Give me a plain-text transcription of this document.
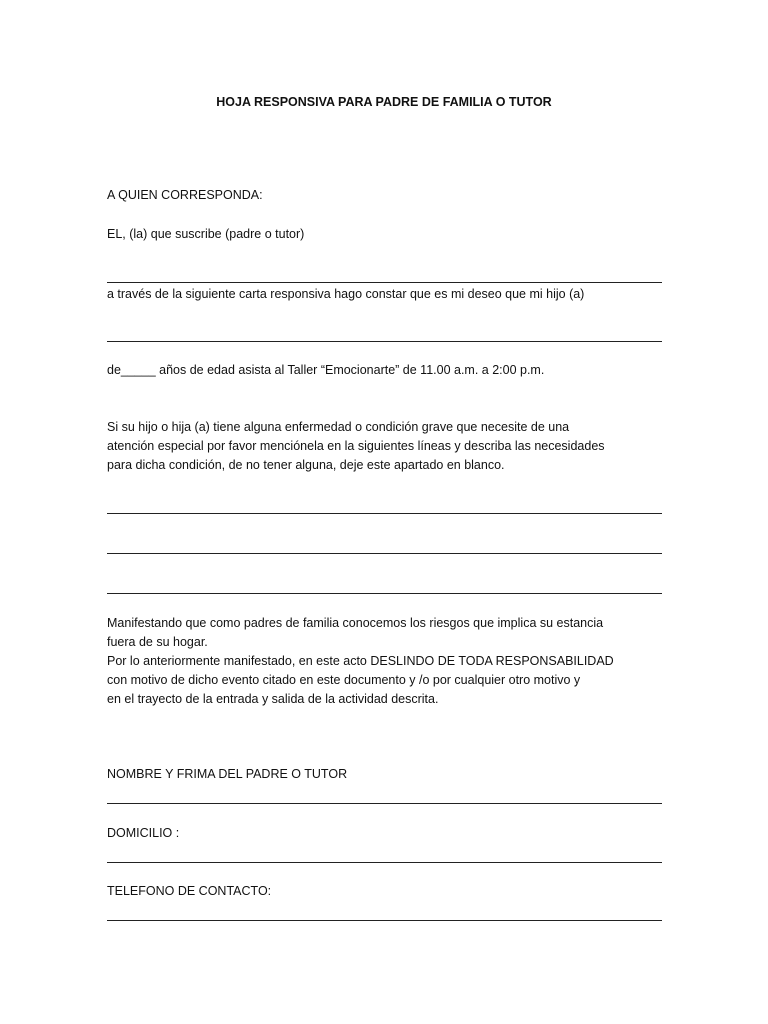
HOJA RESPONSIVA PARA PADRE DE FAMILIA O TUTOR

A QUIEN CORRESPONDA:

EL, (la) que suscribe (padre o tutor)

a través de la siguiente carta responsiva hago constar que es mi deseo que mi hijo (a)

de_____ años de edad asista al Taller “Emocionarte” de 11.00 a.m. a 2:00 p.m.

Si su hijo o hija (a) tiene alguna enfermedad o condición grave que necesite de una
atención especial por favor menciónela en la siguientes líneas y describa las necesidades
para dicha condición, de no tener alguna, deje este apartado en blanco.
Manifestando que como padres de familia conocemos los riesgos que implica su estancia
fuera de su hogar.
Por lo anteriormente manifestado, en este acto DESLINDO DE TODA RESPONSABILIDAD
con motivo de dicho evento citado en este documento y /o por cualquier otro motivo y
en el trayecto de la entrada y salida de la actividad descrita.

NOMBRE Y FRIMA DEL PADRE O TUTOR

DOMICILIO :

TELEFONO DE CONTACTO:
